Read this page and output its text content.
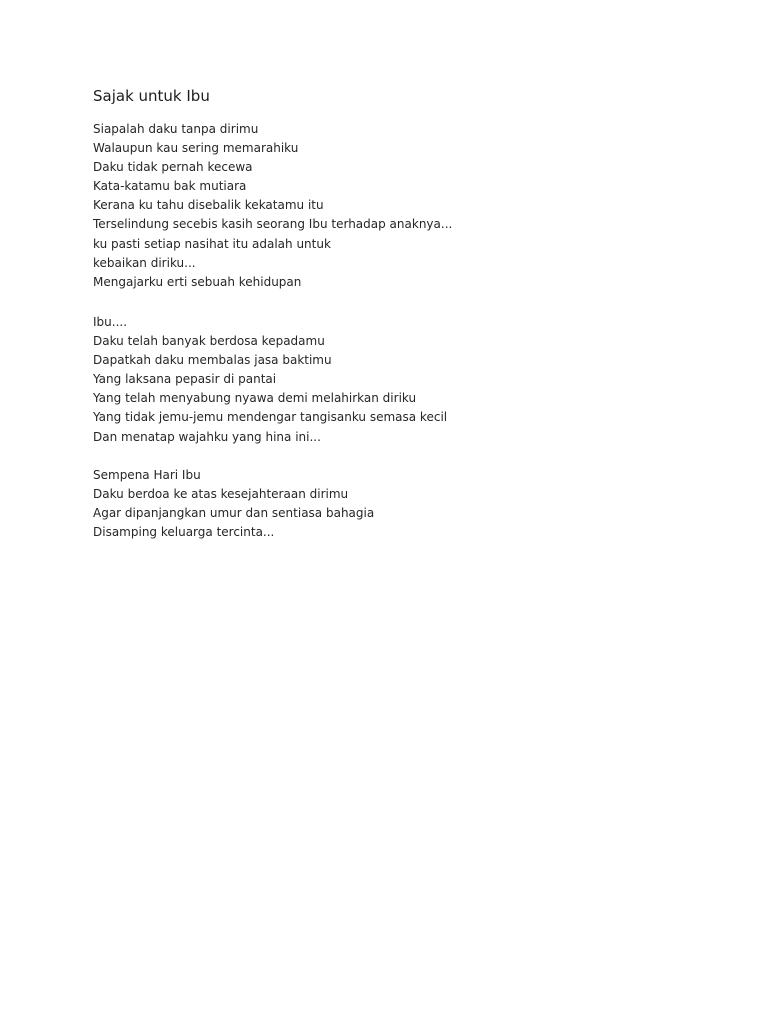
Sajak untuk Ibu
Siapalah daku tanpa dirimu
Walaupun kau sering memarahiku
Daku tidak pernah kecewa
Kata-katamu bak mutiara
Kerana ku tahu disebalik kekatamu itu
Terselindung secebis kasih seorang Ibu terhadap anaknya...
ku pasti setiap nasihat itu adalah untuk
kebaikan diriku...
Mengajarku erti sebuah kehidupan
Ibu....
Daku telah banyak berdosa kepadamu
Dapatkah daku membalas jasa baktimu
Yang laksana pepasir di pantai
Yang telah menyabung nyawa demi melahirkan diriku
Yang tidak jemu-jemu mendengar tangisanku semasa kecil
Dan menatap wajahku yang hina ini...
Sempena Hari Ibu
Daku berdoa ke atas kesejahteraan dirimu
Agar dipanjangkan umur dan sentiasa bahagia
Disamping keluarga tercinta...
